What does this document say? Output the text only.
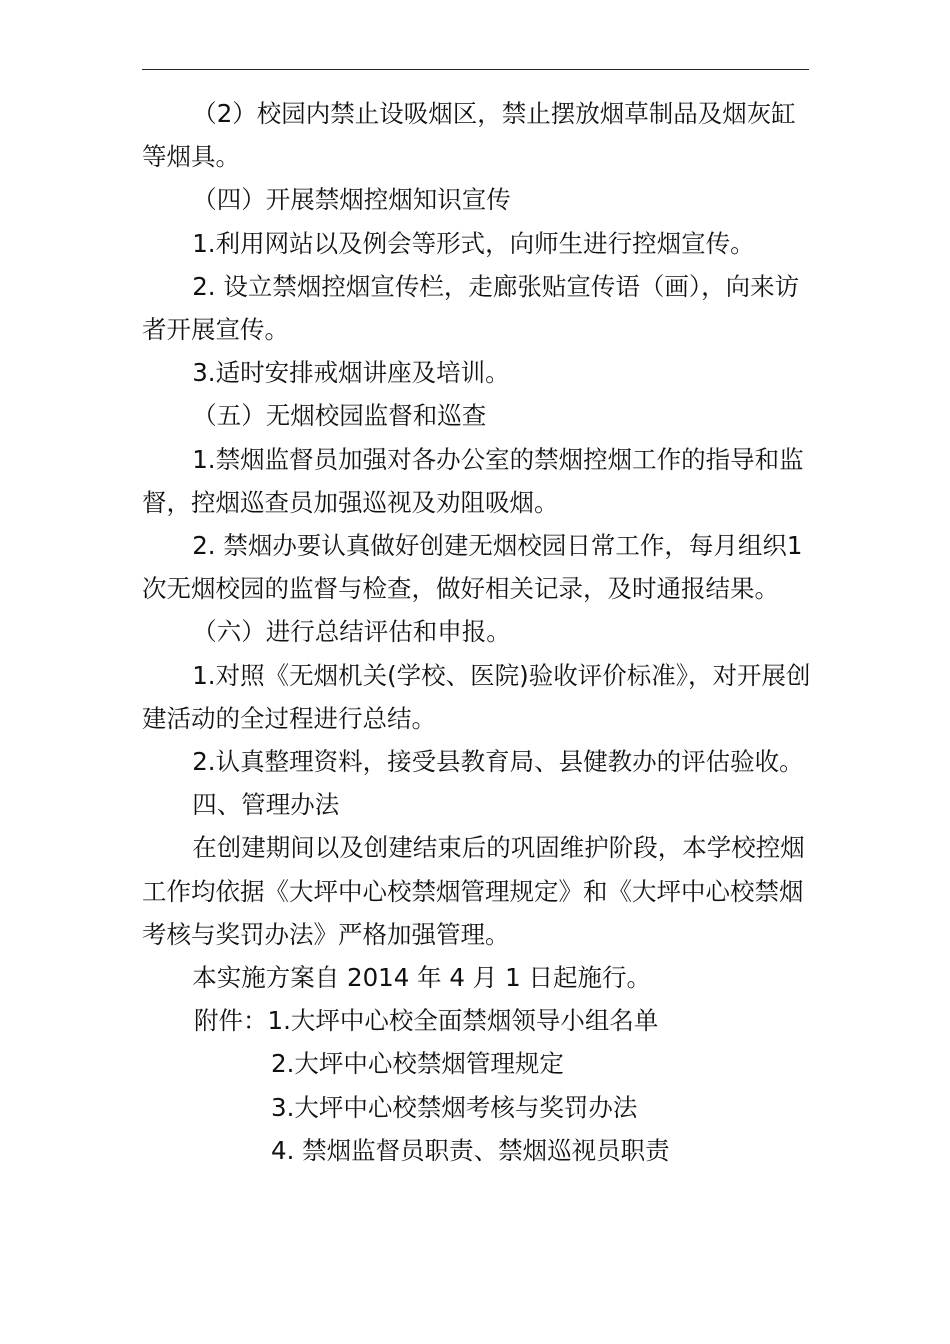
（2）校园内禁止设吸烟区，禁止摆放烟草制品及烟灰缸等烟具。

（四）开展禁烟控烟知识宣传

1.利用网站以及例会等形式，向师生进行控烟宣传。

2. 设立禁烟控烟宣传栏，走廊张贴宣传语（画），向来访者开展宣传。

3.适时安排戒烟讲座及培训。

（五）无烟校园监督和巡查

1.禁烟监督员加强对各办公室的禁烟控烟工作的指导和监督，控烟巡查员加强巡视及劝阻吸烟。

2. 禁烟办要认真做好创建无烟校园日常工作，每月组织1 次无烟校园的监督与检查，做好相关记录，及时通报结果。

（六）进行总结评估和申报。

1.对照《无烟机关(学校、医院)验收评价标准》，对开展创建活动的全过程进行总结。

2.认真整理资料，接受县教育局、县健教办的评估验收。

四、管理办法

在创建期间以及创建结束后的巩固维护阶段，本学校控烟工作均依据《大坪中心校禁烟管理规定》和《大坪中心校禁烟考核与奖罚办法》严格加强管理。

本实施方案自 2014 年 4 月 1 日起施行。

附件：1.大坪中心校全面禁烟领导小组名单

2.大坪中心校禁烟管理规定

3.大坪中心校禁烟考核与奖罚办法

4. 禁烟监督员职责、禁烟巡视员职责
